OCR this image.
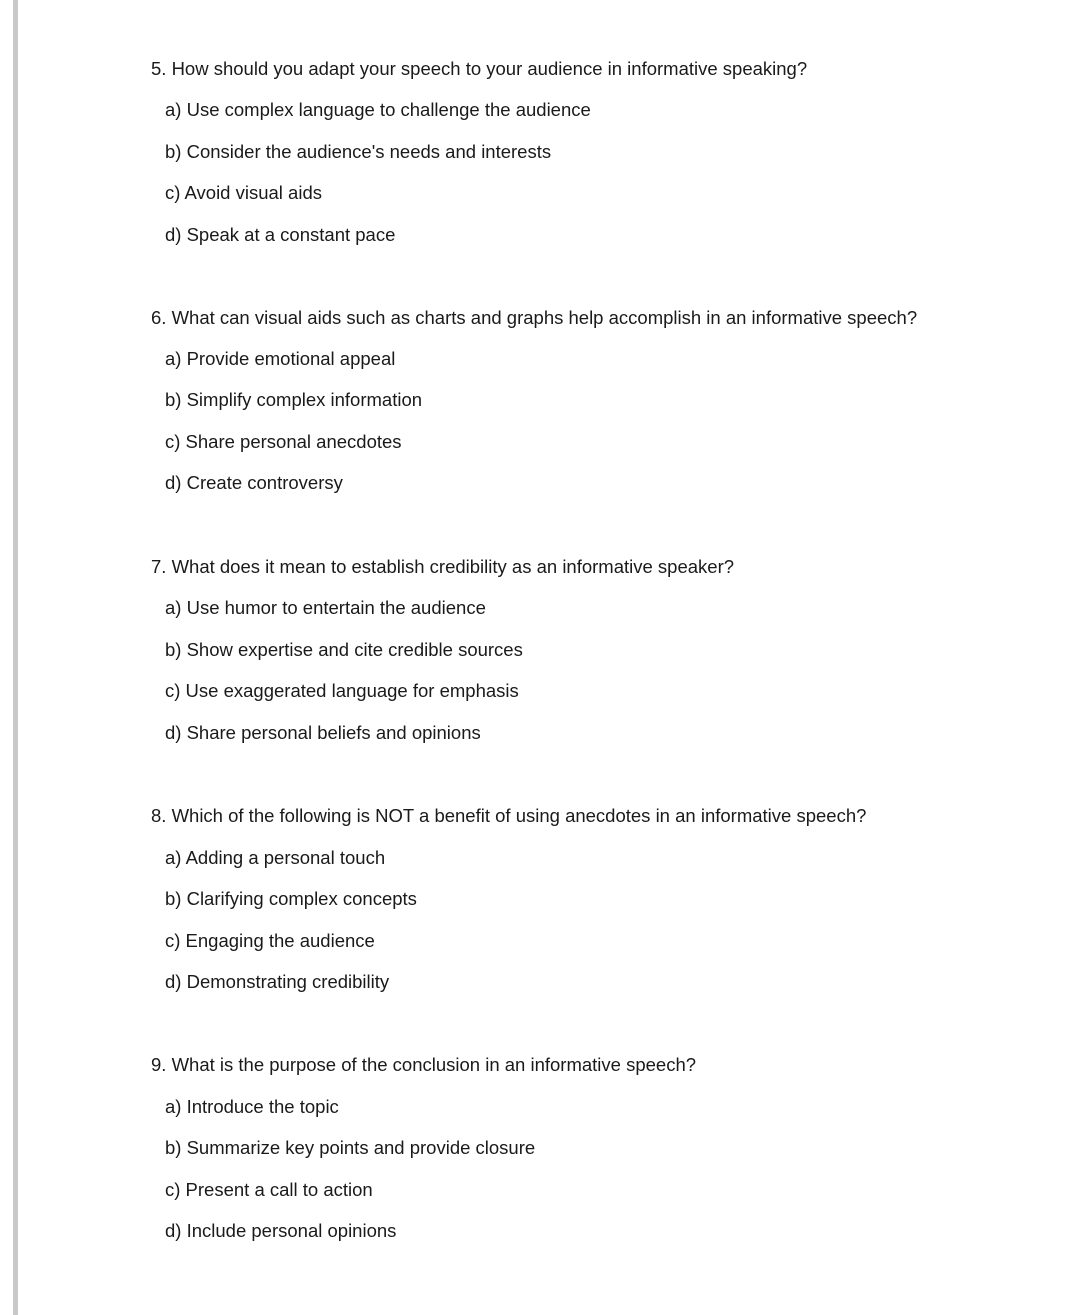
5. How should you adapt your speech to your audience in informative speaking?

a) Use complex language to challenge the audience
b) Consider the audience's needs and interests
c) Avoid visual aids
d) Speak at a constant pace

6. What can visual aids such as charts and graphs help accomplish in an informative speech?

a) Provide emotional appeal
b) Simplify complex information
c) Share personal anecdotes
d) Create controversy

7. What does it mean to establish credibility as an informative speaker?

a) Use humor to entertain the audience
b) Show expertise and cite credible sources
c) Use exaggerated language for emphasis
d) Share personal beliefs and opinions

8. Which of the following is NOT a benefit of using anecdotes in an informative speech?

a) Adding a personal touch
b) Clarifying complex concepts
c) Engaging the audience
d) Demonstrating credibility

9. What is the purpose of the conclusion in an informative speech?

a) Introduce the topic
b) Summarize key points and provide closure
c) Present a call to action
d) Include personal opinions
